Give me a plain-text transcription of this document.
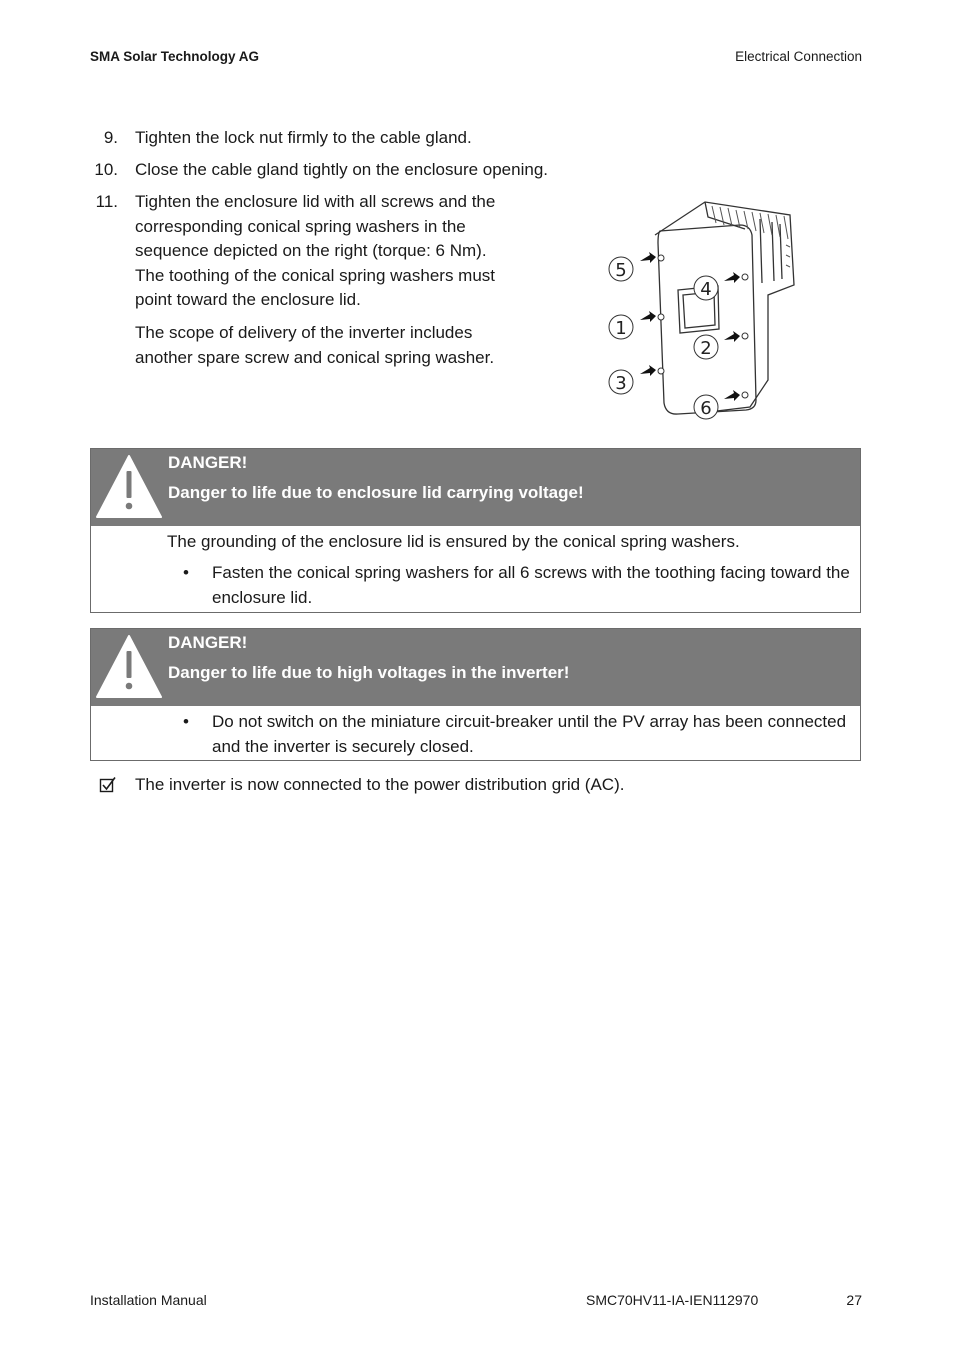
SMA Solar Technology AG	Electrical Connection
9. Tighten the lock nut firmly to the cable gland.
10. Close the cable gland tightly on the enclosure opening.
11. Tighten the enclosure lid with all screws and the
corresponding conical spring washers in the
sequence depicted on the right (torque: 6 Nm).
The toothing of the conical spring washers must
point toward the enclosure lid.
The scope of delivery of the inverter includes
another spare screw and conical spring washer.
5
4
1
2
3
6
DANGER!
Danger to life due to enclosure lid carrying voltage!
The grounding of the enclosure lid is ensured by the conical spring washers.
• Fasten the conical spring washers for all 6 screws with the toothing facing toward the
enclosure lid.
DANGER!
Danger to life due to high voltages in the inverter!
• Do not switch on the miniature circuit-breaker until the PV array has been connected
and the inverter is securely closed.
The inverter is now connected to the power distribution grid (AC).
Installation Manual	SMC70HV11-IA-IEN112970	27
